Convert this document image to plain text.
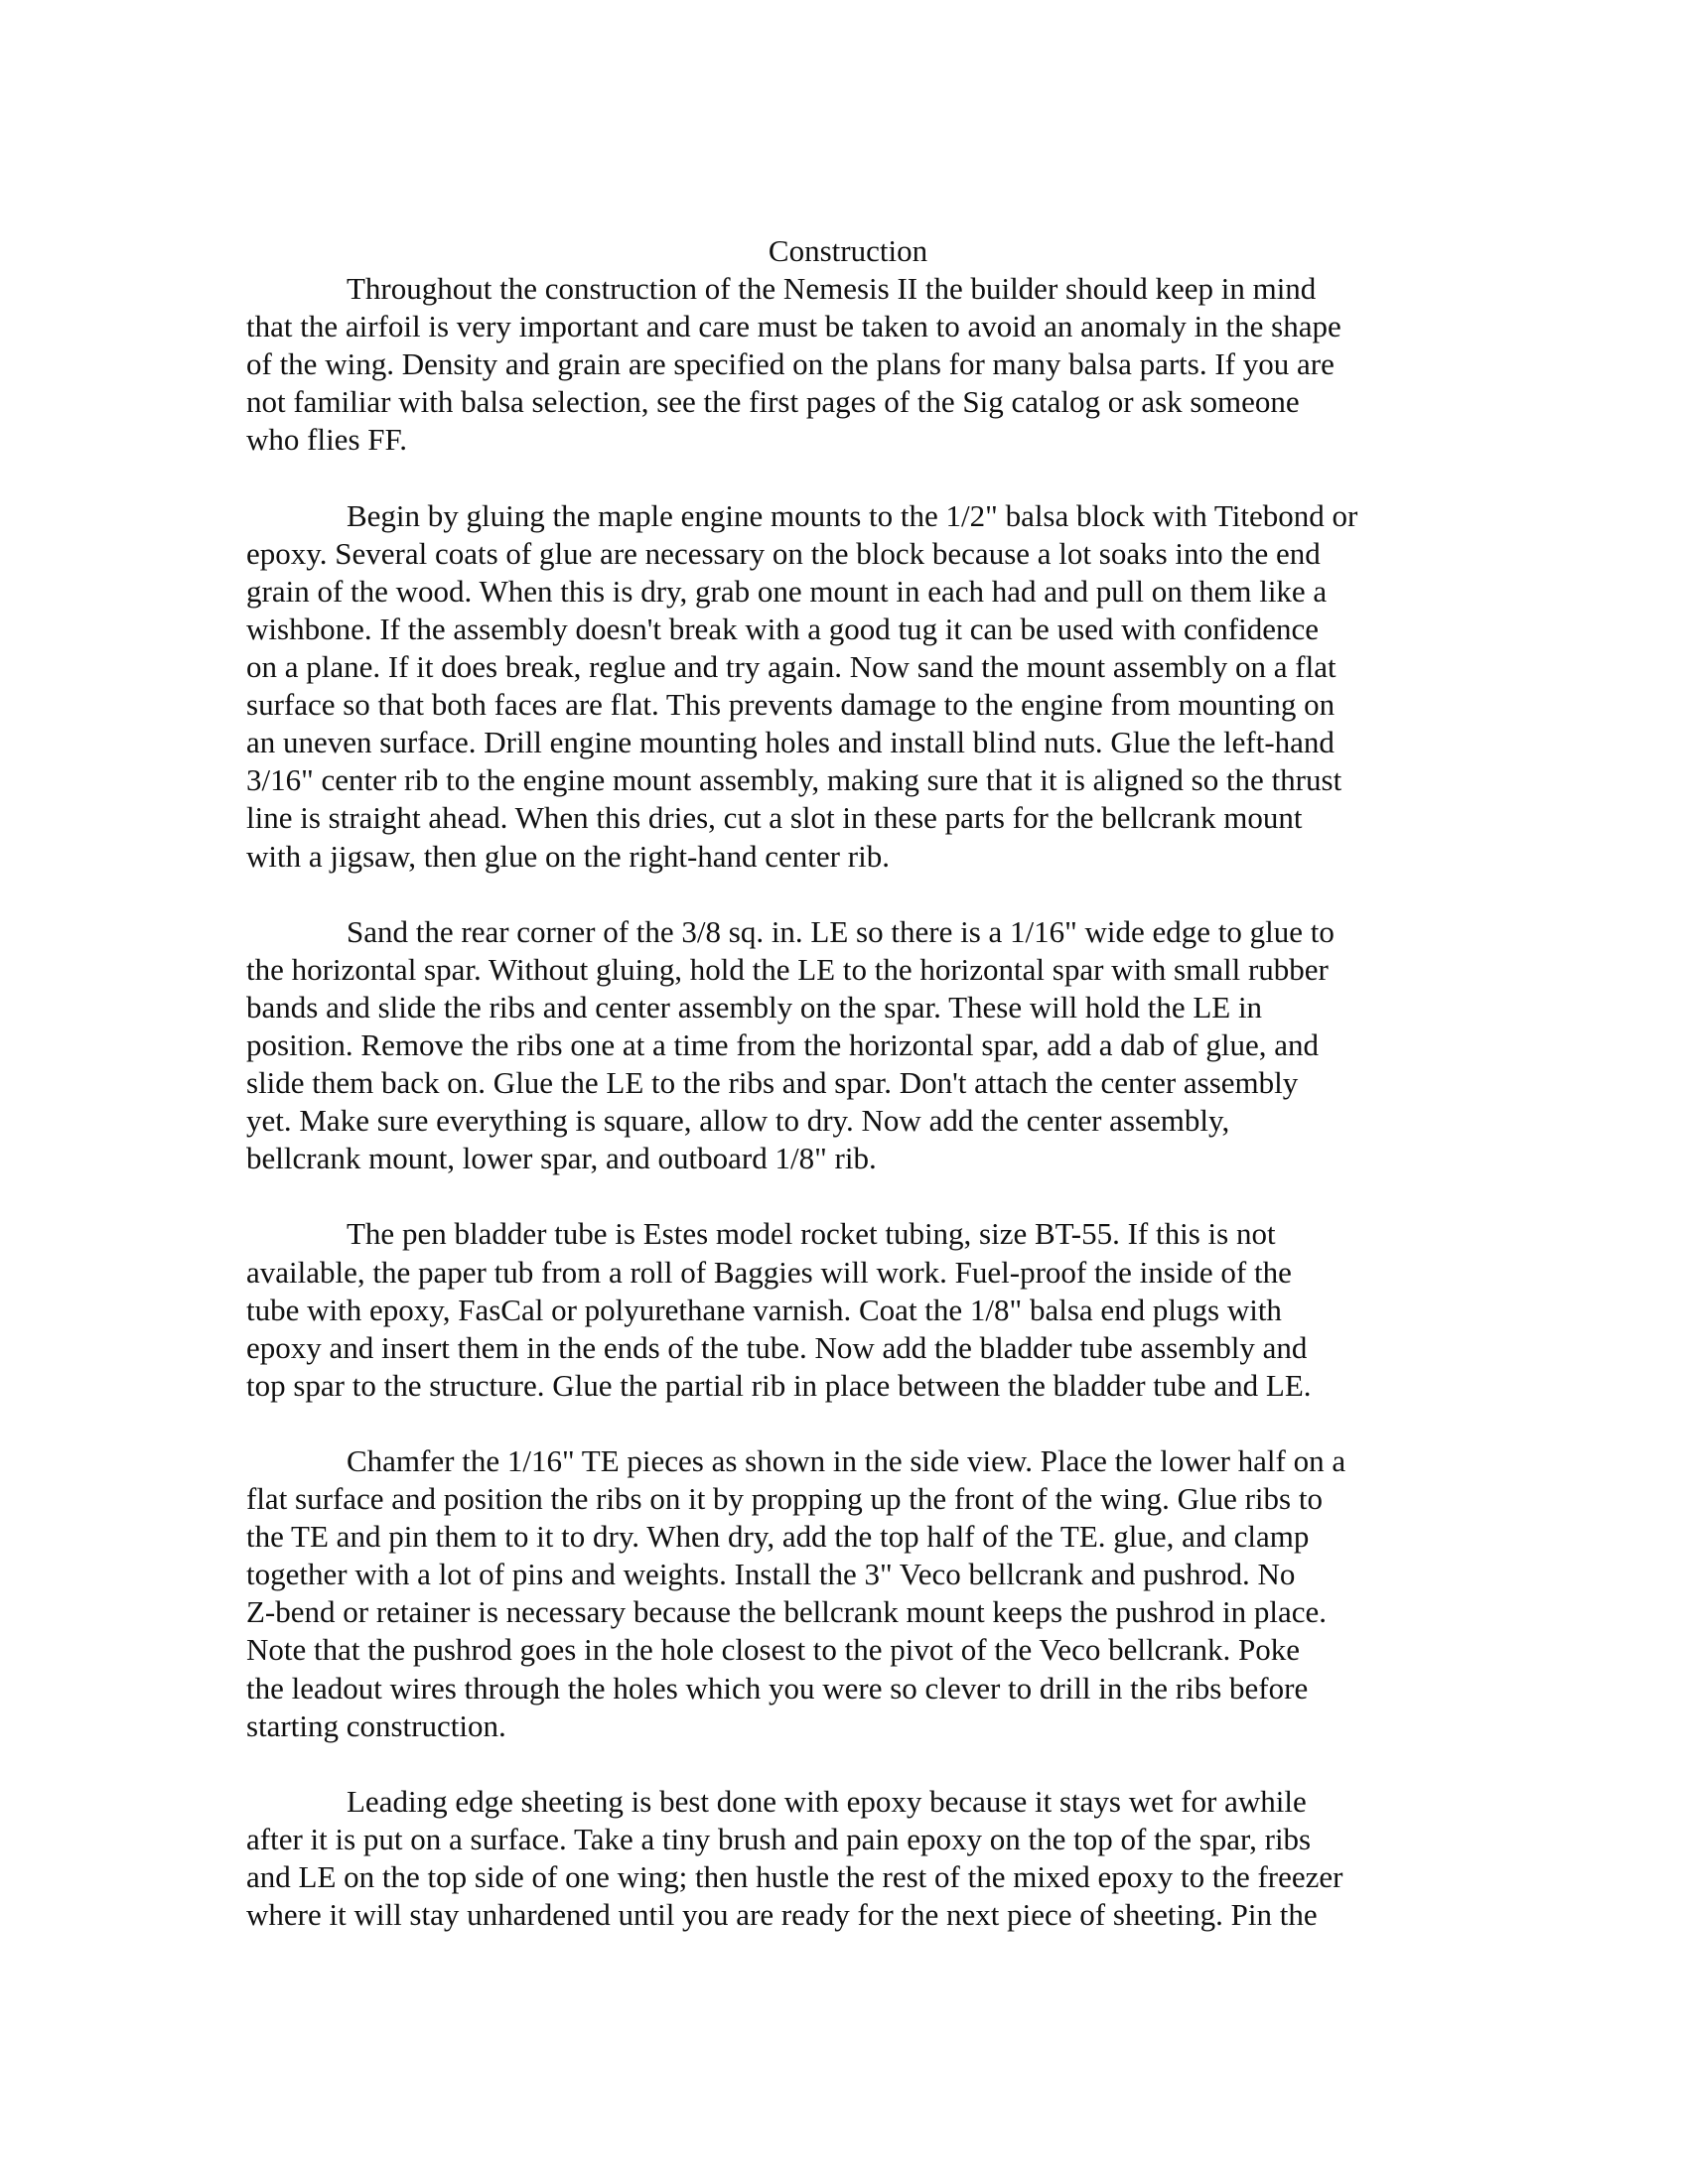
Construction
Throughout the construction of the Nemesis II the builder should keep in mind
that the airfoil is very important and care must be taken to avoid an anomaly in the shape
of the wing. Density and grain are specified on the plans for many balsa parts. If you are
not familiar with balsa selection, see the first pages of the Sig catalog or ask someone
who flies FF.
Begin by gluing the maple engine mounts to the 1/2" balsa block with Titebond or
epoxy. Several coats of glue are necessary on the block because a lot soaks into the end
grain of the wood. When this is dry, grab one mount in each had and pull on them like a
wishbone. If the assembly doesn't break with a good tug it can be used with confidence
on a plane. If it does break, reglue and try again. Now sand the mount assembly on a flat
surface so that both faces are flat. This prevents damage to the engine from mounting on
an uneven surface. Drill engine mounting holes and install blind nuts. Glue the left-hand
3/16" center rib to the engine mount assembly, making sure that it is aligned so the thrust
line is straight ahead. When this dries, cut a slot in these parts for the bellcrank mount
with a jigsaw, then glue on the right-hand center rib.
Sand the rear corner of the 3/8 sq. in. LE so there is a 1/16" wide edge to glue to
the horizontal spar. Without gluing, hold the LE to the horizontal spar with small rubber
bands and slide the ribs and center assembly on the spar. These will hold the LE in
position. Remove the ribs one at a time from the horizontal spar, add a dab of glue, and
slide them back on. Glue the LE to the ribs and spar. Don't attach the center assembly
yet. Make sure everything is square, allow to dry. Now add the center assembly,
bellcrank mount, lower spar, and outboard 1/8" rib.
The pen bladder tube is Estes model rocket tubing, size BT-55. If this is not
available, the paper tub from a roll of Baggies will work. Fuel-proof the inside of the
tube with epoxy, FasCal or polyurethane varnish. Coat the 1/8" balsa end plugs with
epoxy and insert them in the ends of the tube. Now add the bladder tube assembly and
top spar to the structure. Glue the partial rib in place between the bladder tube and LE.
Chamfer the 1/16" TE pieces as shown in the side view. Place the lower half on a
flat surface and position the ribs on it by propping up the front of the wing. Glue ribs to
the TE and pin them to it to dry. When dry, add the top half of the TE. glue, and clamp
together with a lot of pins and weights. Install the 3" Veco bellcrank and pushrod. No
Z-bend or retainer is necessary because the bellcrank mount keeps the pushrod in place.
Note that the pushrod goes in the hole closest to the pivot of the Veco bellcrank. Poke
the leadout wires through the holes which you were so clever to drill in the ribs before
starting construction.
Leading edge sheeting is best done with epoxy because it stays wet for awhile
after it is put on a surface. Take a tiny brush and pain epoxy on the top of the spar, ribs
and LE on the top side of one wing; then hustle the rest of the mixed epoxy to the freezer
where it will stay unhardened until you are ready for the next piece of sheeting. Pin the
